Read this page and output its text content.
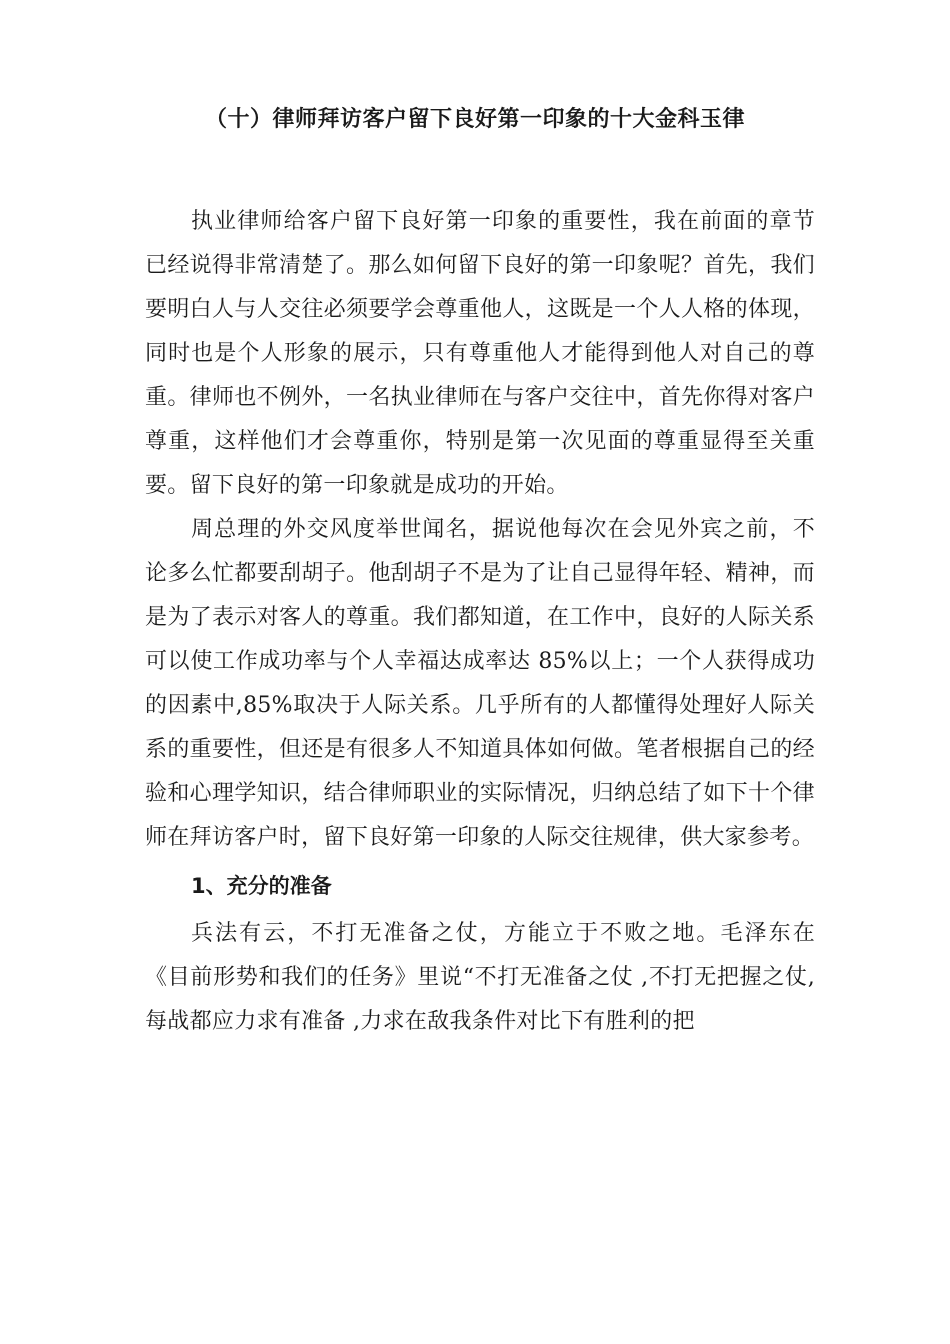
（十）律师拜访客户留下良好第一印象的十大金科玉律

执业律师给客户留下良好第一印象的重要性，我在前面的章节已经说得非常清楚了。那么如何留下良好的第一印象呢？首先，我们要明白人与人交往必须要学会尊重他人，这既是一个人人格的体现，同时也是个人形象的展示，只有尊重他人才能得到他人对自己的尊重。律师也不例外，一名执业律师在与客户交往中，首先你得对客户尊重，这样他们才会尊重你，特别是第一次见面的尊重显得至关重要。留下良好的第一印象就是成功的开始。

周总理的外交风度举世闻名，据说他每次在会见外宾之前，不论多么忙都要刮胡子。他刮胡子不是为了让自己显得年轻、精神，而是为了表示对客人的尊重。我们都知道，在工作中，良好的人际关系可以使工作成功率与个人幸福达成率达 85%以上；一个人获得成功的因素中,85%取决于人际关系。几乎所有的人都懂得处理好人际关系的重要性，但还是有很多人不知道具体如何做。笔者根据自己的经验和心理学知识，结合律师职业的实际情况，归纳总结了如下十个律师在拜访客户时，留下良好第一印象的人际交往规律，供大家参考。

1、充分的准备

兵法有云，不打无准备之仗，方能立于不败之地。毛泽东在《目前形势和我们的任务》里说“不打无准备之仗 ,不打无把握之仗,每战都应力求有准备 ,力求在敌我条件对比下有胜利的把
